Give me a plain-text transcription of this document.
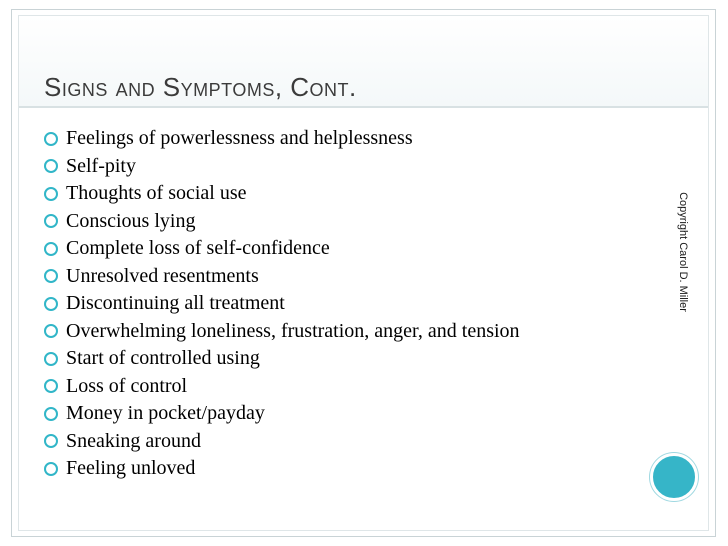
Signs and Symptoms, Cont.
Feelings of powerlessness and helplessness
Self-pity
Thoughts of social use
Conscious lying
Complete loss of self-confidence
Unresolved resentments
Discontinuing all treatment
Overwhelming loneliness, frustration, anger, and tension
Start of controlled using
Loss of control
Money in pocket/payday
Sneaking around
Feeling unloved
Copyright Carol D. Miller
